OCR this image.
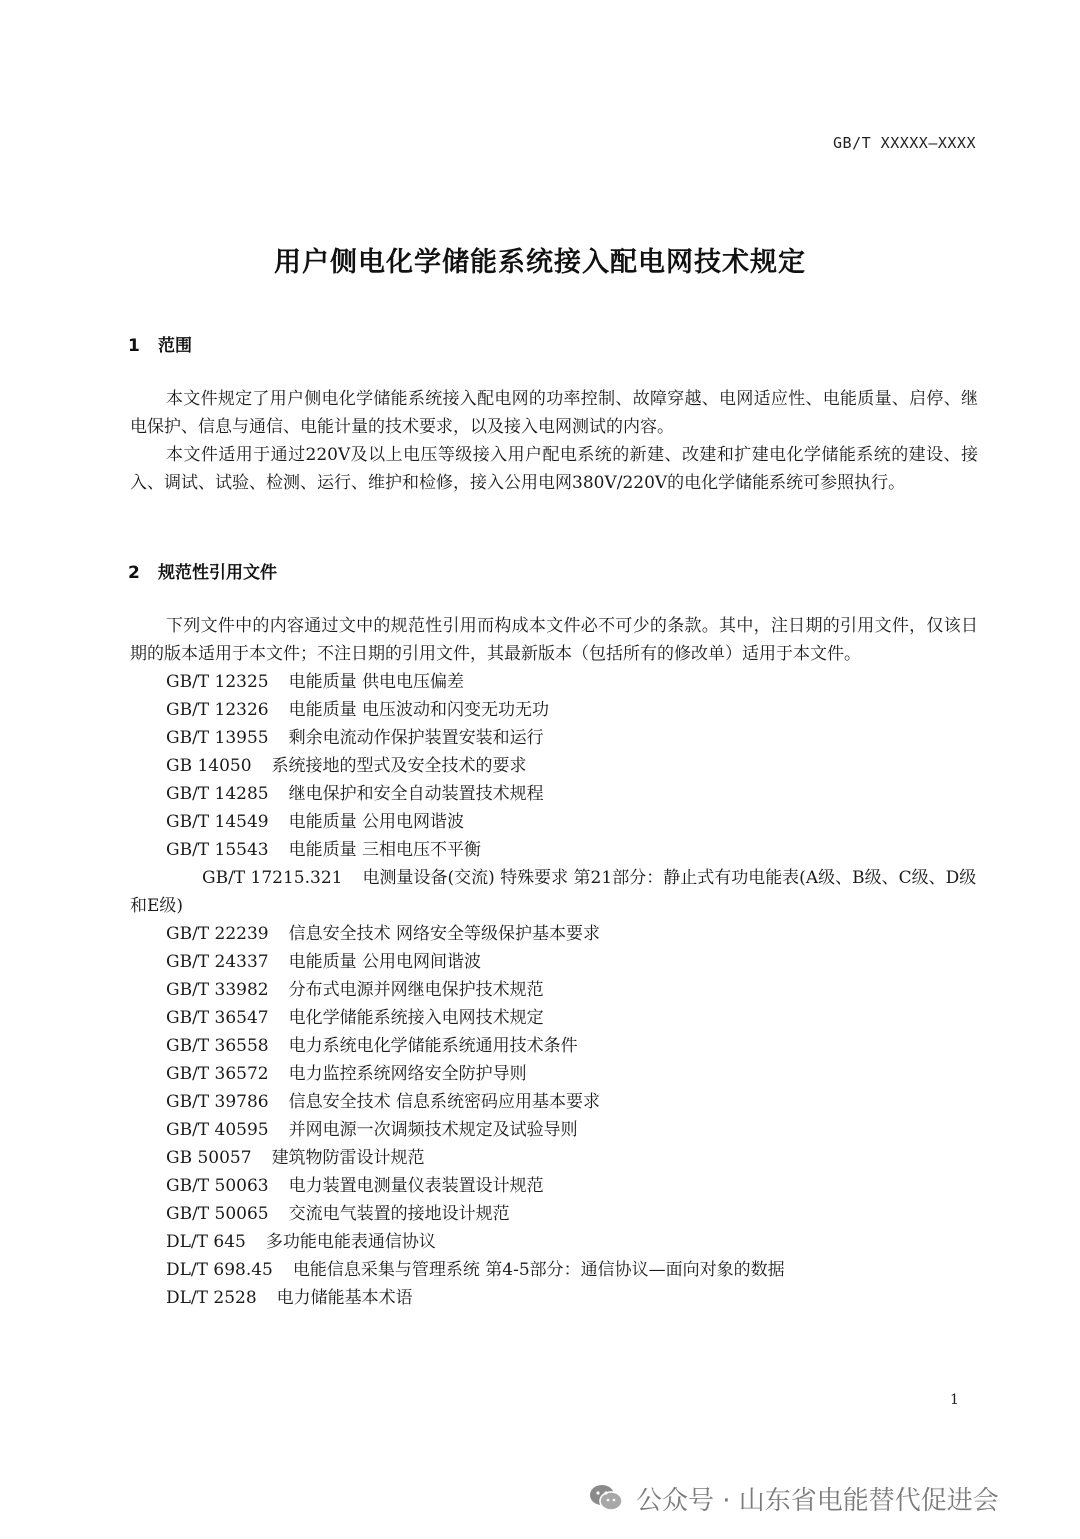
GB/T XXXXX—XXXX
用户侧电化学储能系统接入配电网技术规定
1 范围
本文件规定了用户侧电化学储能系统接入配电网的功率控制、故障穿越、电网适应性、电能质量、启停、继电保护、信息与通信、电能计量的技术要求，以及接入电网测试的内容。
本文件适用于通过220V及以上电压等级接入用户配电系统的新建、改建和扩建电化学储能系统的建设、接入、调试、试验、检测、运行、维护和检修，接入公用电网380V/220V的电化学储能系统可参照执行。
2 规范性引用文件
下列文件中的内容通过文中的规范性引用而构成本文件必不可少的条款。其中，注日期的引用文件，仅该日期的版本适用于本文件；不注日期的引用文件，其最新版本（包括所有的修改单）适用于本文件。
GB/T 12325 电能质量 供电电压偏差
GB/T 12326 电能质量 电压波动和闪变无功无功
GB/T 13955 剩余电流动作保护装置安装和运行
GB 14050 系统接地的型式及安全技术的要求
GB/T 14285 继电保护和安全自动装置技术规程
GB/T 14549 电能质量 公用电网谐波
GB/T 15543 电能质量 三相电压不平衡
GB/T 17215.321 电测量设备(交流) 特殊要求 第21部分：静止式有功电能表(A级、B级、C级、D级和E级)
GB/T 22239 信息安全技术 网络安全等级保护基本要求
GB/T 24337 电能质量 公用电网间谐波
GB/T 33982 分布式电源并网继电保护技术规范
GB/T 36547 电化学储能系统接入电网技术规定
GB/T 36558 电力系统电化学储能系统通用技术条件
GB/T 36572 电力监控系统网络安全防护导则
GB/T 39786 信息安全技术 信息系统密码应用基本要求
GB/T 40595 并网电源一次调频技术规定及试验导则
GB 50057 建筑物防雷设计规范
GB/T 50063 电力装置电测量仪表装置设计规范
GB/T 50065 交流电气装置的接地设计规范
DL/T 645 多功能电能表通信协议
DL/T 698.45 电能信息采集与管理系统 第4-5部分：通信协议—面向对象的数据
DL/T 2528 电力储能基本术语
1
公众号 · 山东省电能替代促进会
